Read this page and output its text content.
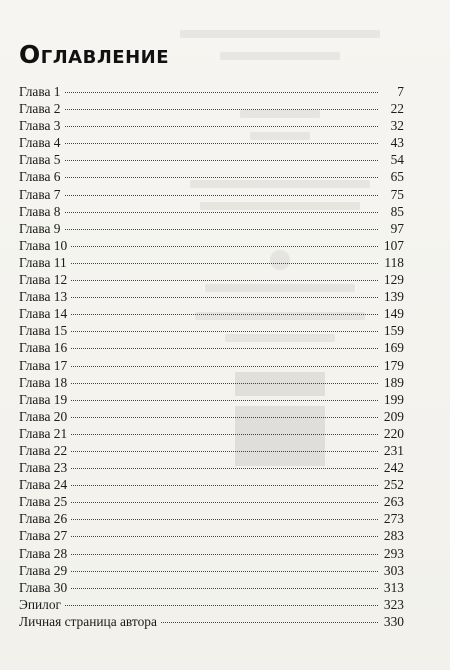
Оглавление
Глава 1	7
Глава 2	22
Глава 3	32
Глава 4	43
Глава 5	54
Глава 6	65
Глава 7	75
Глава 8	85
Глава 9	97
Глава 10	107
Глава 11	118
Глава 12	129
Глава 13	139
Глава 14	149
Глава 15	159
Глава 16	169
Глава 17	179
Глава 18	189
Глава 19	199
Глава 20	209
Глава 21	220
Глава 22	231
Глава 23	242
Глава 24	252
Глава 25	263
Глава 26	273
Глава 27	283
Глава 28	293
Глава 29	303
Глава 30	313
Эпилог	323
Личная страница автора	330
